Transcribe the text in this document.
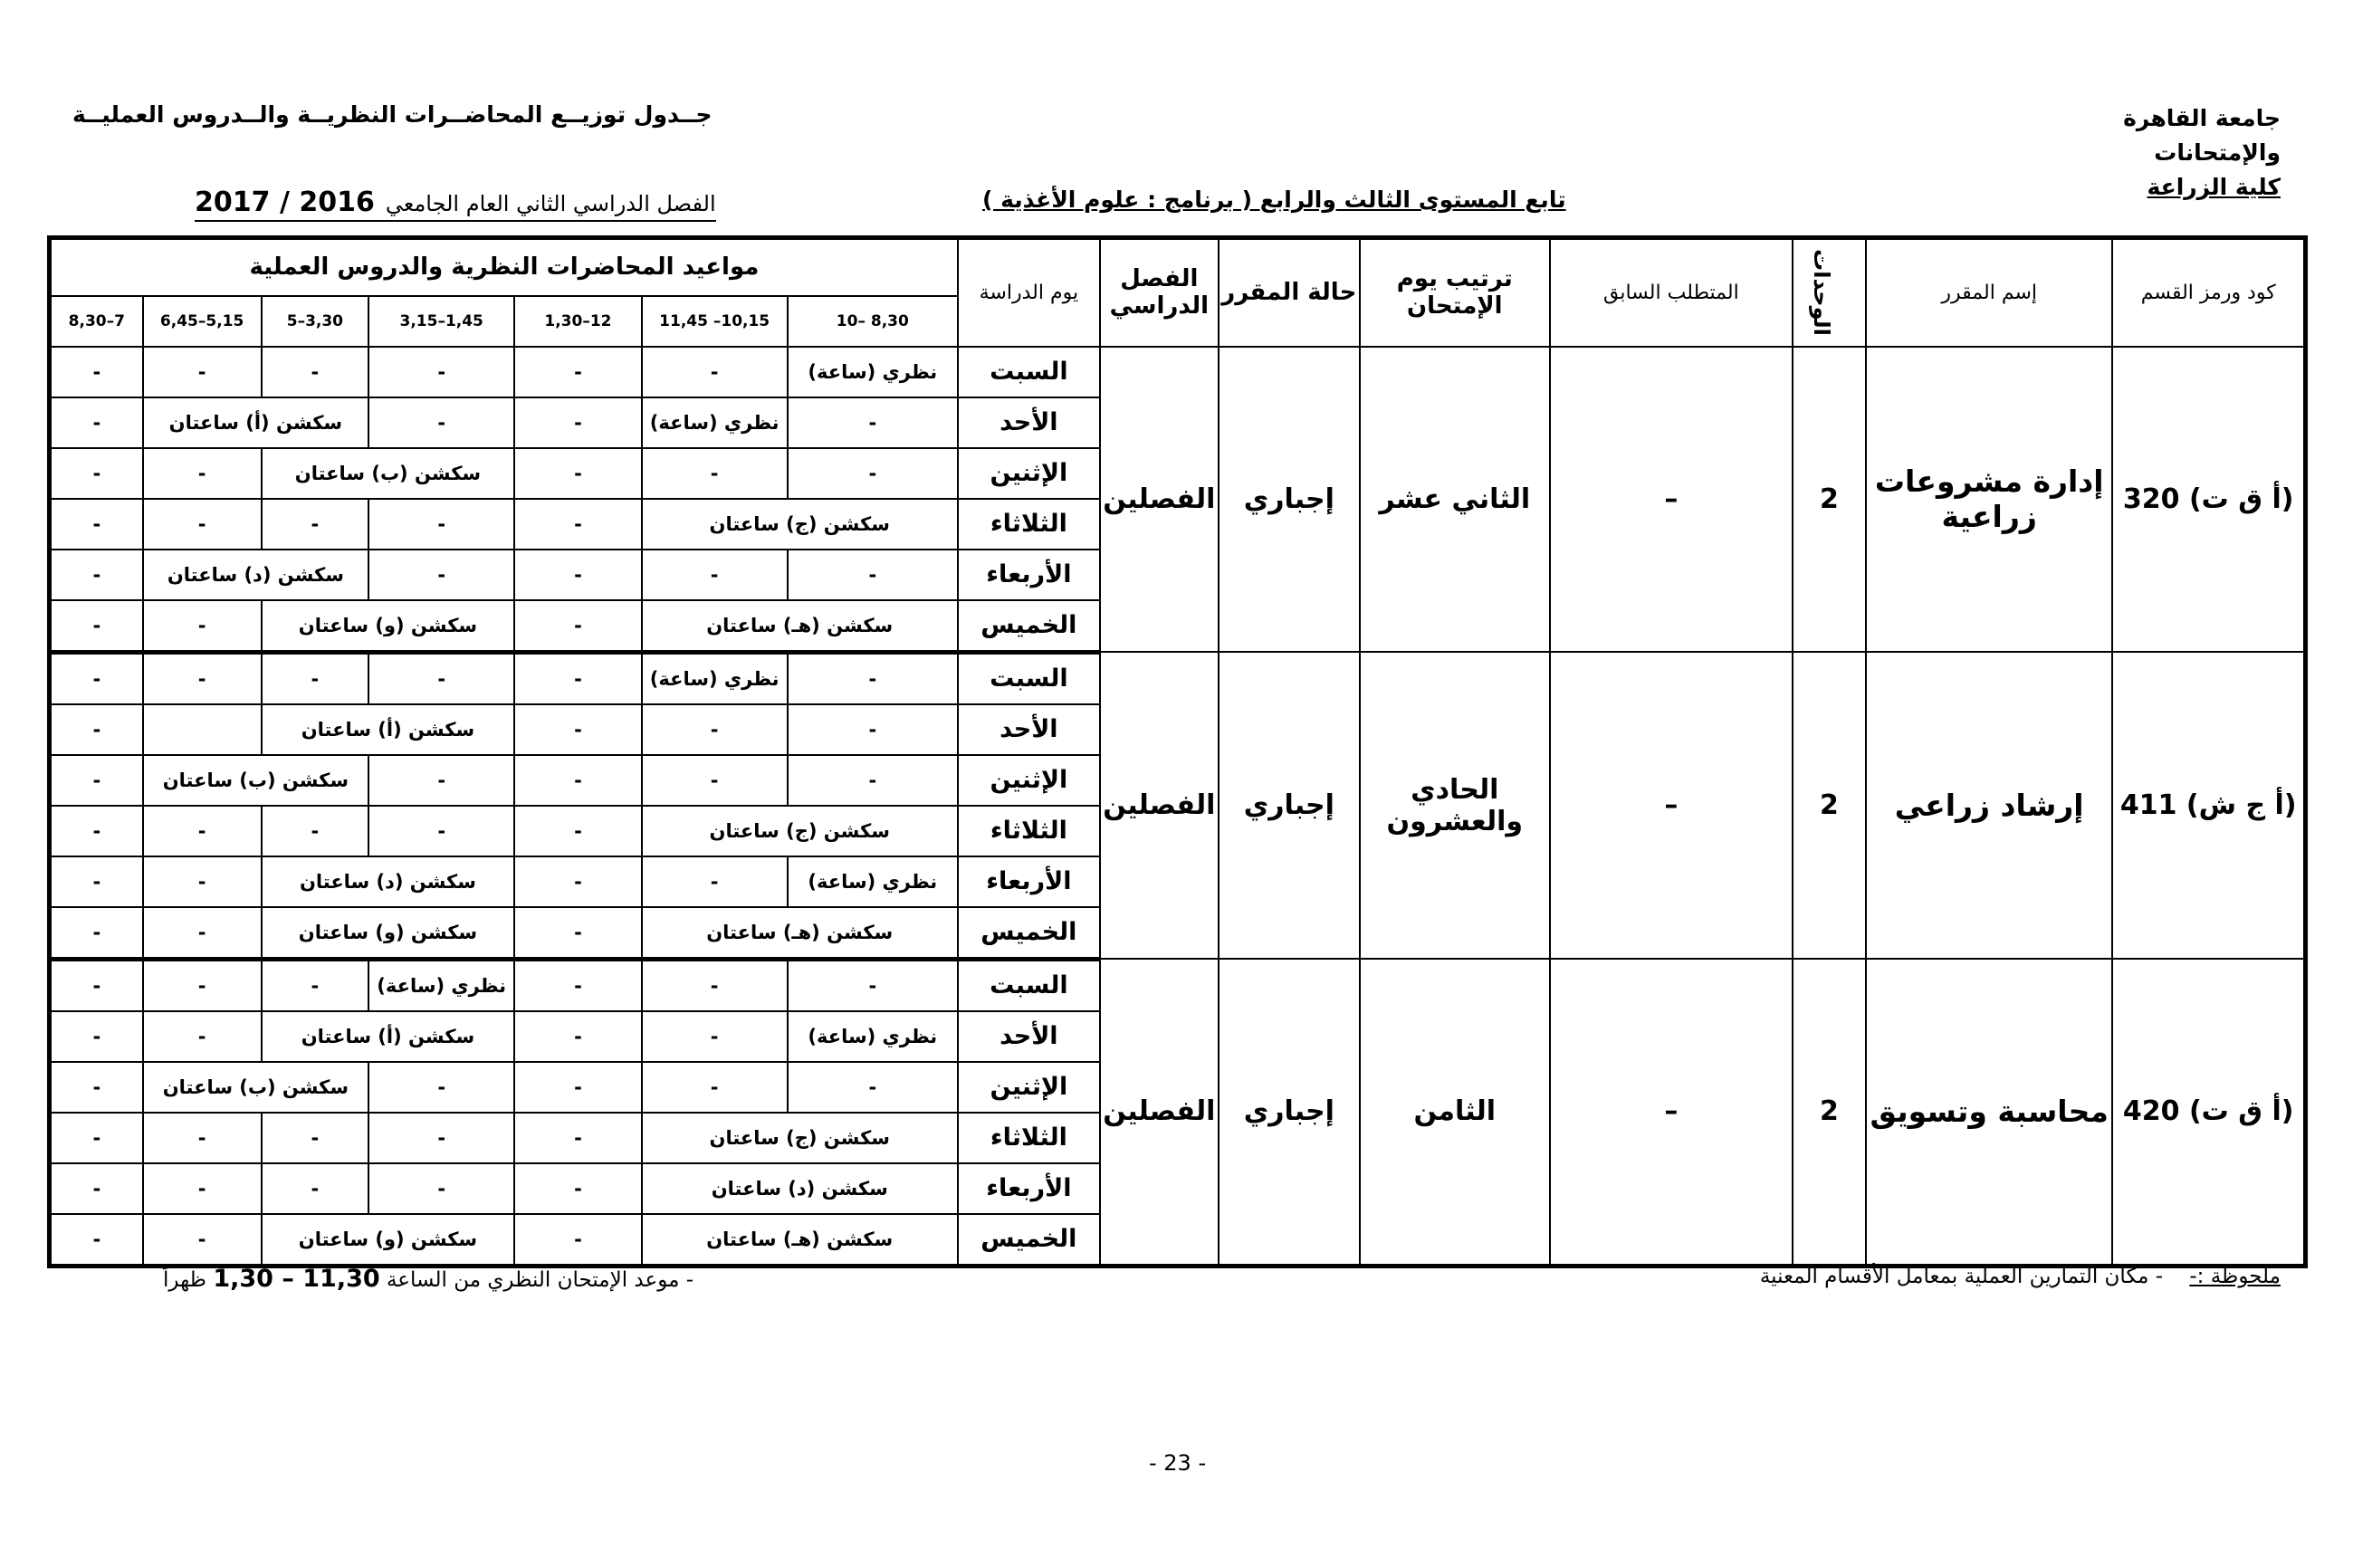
جامعة القاهرة
والإمتحانات
كلية الزراعة
جــدول توزيــع المحاضــرات النظريــة والــدروس العمليــة
تابع المستوى الثالث والرابع ( برنامج : علوم الأغذية )
الفصل الدراسي الثاني العام الجامعي2016 / 2017
كود ورمز القسم	إسم المقرر	الوحدات	المتطلب السابق	ترتيب يوم الإمتحان	حالة المقرر	الفصل الدراسي	يوم الدراسة	مواعيد المحاضرات النظرية والدروس العملية						
								8,30 –10	10,15– 11,45	12–1,30	1,45–3,15	3,30–5	5,15–6,45	7–8,30
(أ ق ت) 320	إدارة مشروعات زراعية	2	–	الثاني عشر	إجباري	الفصلين	السبت	نظري (ساعة)	-	-	-	-	-	-
							الأحد	-	نظري (ساعة)	-	-	سكشن (أ) ساعتان		-
							الإثنين	-	-	-	سكشن (ب) ساعتان		-	-
							الثلاثاء	سكشن (ج) ساعتان		-	-	-	-	-
							الأربعاء	-	-	-	-	سكشن (د) ساعتان		-
							الخميس	سكشن (هـ) ساعتان		-	سكشن (و) ساعتان		-	-
(أ ج ش) 411	إرشاد زراعي	2	–	الحادي والعشرون	إجباري	الفصلين	السبت	-	نظري (ساعة)	-	-	-	-	-
							الأحد	-	-	-	سكشن (أ) ساعتان			-
							الإثنين	-	-	-	-	سكشن (ب) ساعتان		-
							الثلاثاء	سكشن (ج) ساعتان		-	-	-	-	-
							الأربعاء	نظري (ساعة)	-	-	سكشن (د) ساعتان		-	-
							الخميس	سكشن (هـ) ساعتان		-	سكشن (و) ساعتان		-	-
(أ ق ت) 420	محاسبة وتسويق	2	–	الثامن	إجباري	الفصلين	السبت	-	-	-	نظري (ساعة)	-	-	-
							الأحد	نظري (ساعة)	-	-	سكشن (أ) ساعتان		-	-
							الإثنين	-	-	-	-	سكشن (ب) ساعتان		-
							الثلاثاء	سكشن (ج) ساعتان		-	-	-	-	-
							الأربعاء	سكشن (د) ساعتان		-	-	-	-	-
							الخميس	سكشن (هـ) ساعتان		-	سكشن (و) ساعتان		-	-
ملحوظة :-    - مكان التمارين العملية بمعامل الأقسام المعنية
- موعد الإمتحان النظري من الساعة 11,30 – 1,30 ظهراً
- 23 -
